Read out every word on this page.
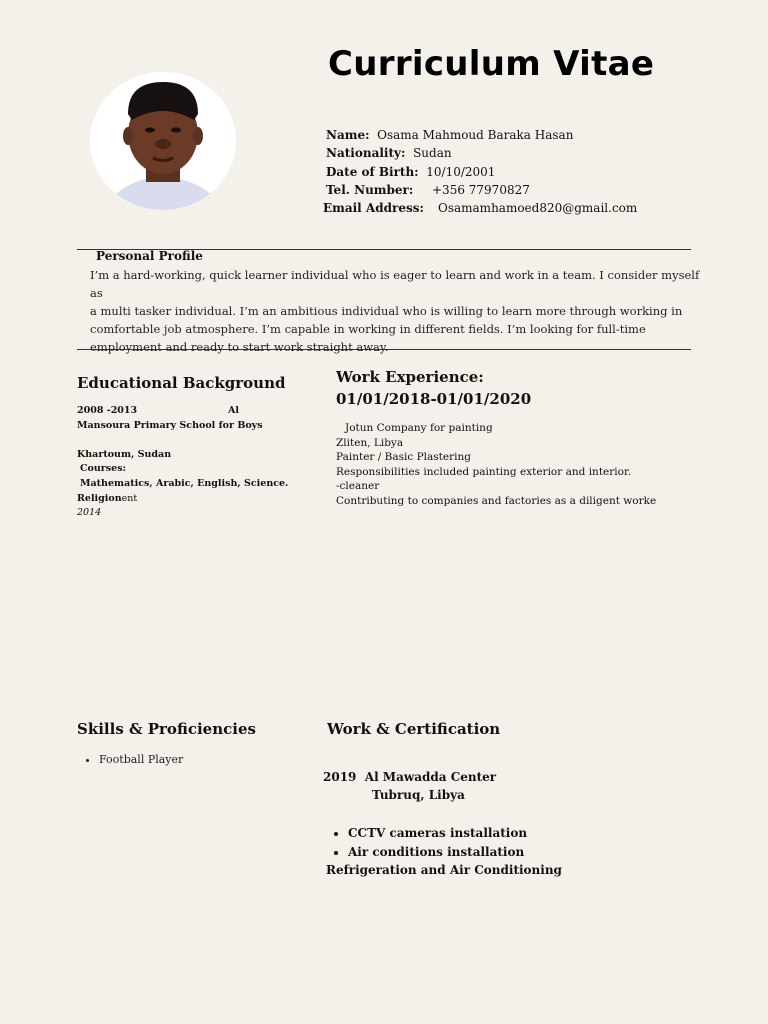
Curriculum Vitae
Name: Osama Mahmoud Baraka Hasan
Nationality: Sudan
Date of Birth: 10/10/2001
Tel. Number: +356 77970827
Email Address: Osamamhamoed820@gmail.com
Personal Profile
I’m a hard-working, quick learner individual who is eager to learn and work in a team. I consider myself as
a multi tasker individual. I’m an ambitious individual who is willing to learn more through working in
comfortable job atmosphere. I’m capable in working in different fields. I’m looking for full-time
employment and ready to start work straight away.
Educational Background
2008 -2013	Al
Mansoura Primary School for Boys
Khartoum, Sudan
Courses:
Mathematics, Arabic, English, Science.
Religionent
2014
Work Experience:
01/01/2018-01/01/2020
Jotun Company for painting
Zliten, Libya
Painter / Basic Plastering
Responsibilities included painting exterior and interior.
-cleaner
Contributing to companies and factories as a diligent worke
Skills & Proficiencies
• Football Player
Work & Certification
2019  Al Mawadda Center
Tubruq, Libya
• CCTV cameras installation
• Air conditions installation
Refrigeration and Air Conditioning
